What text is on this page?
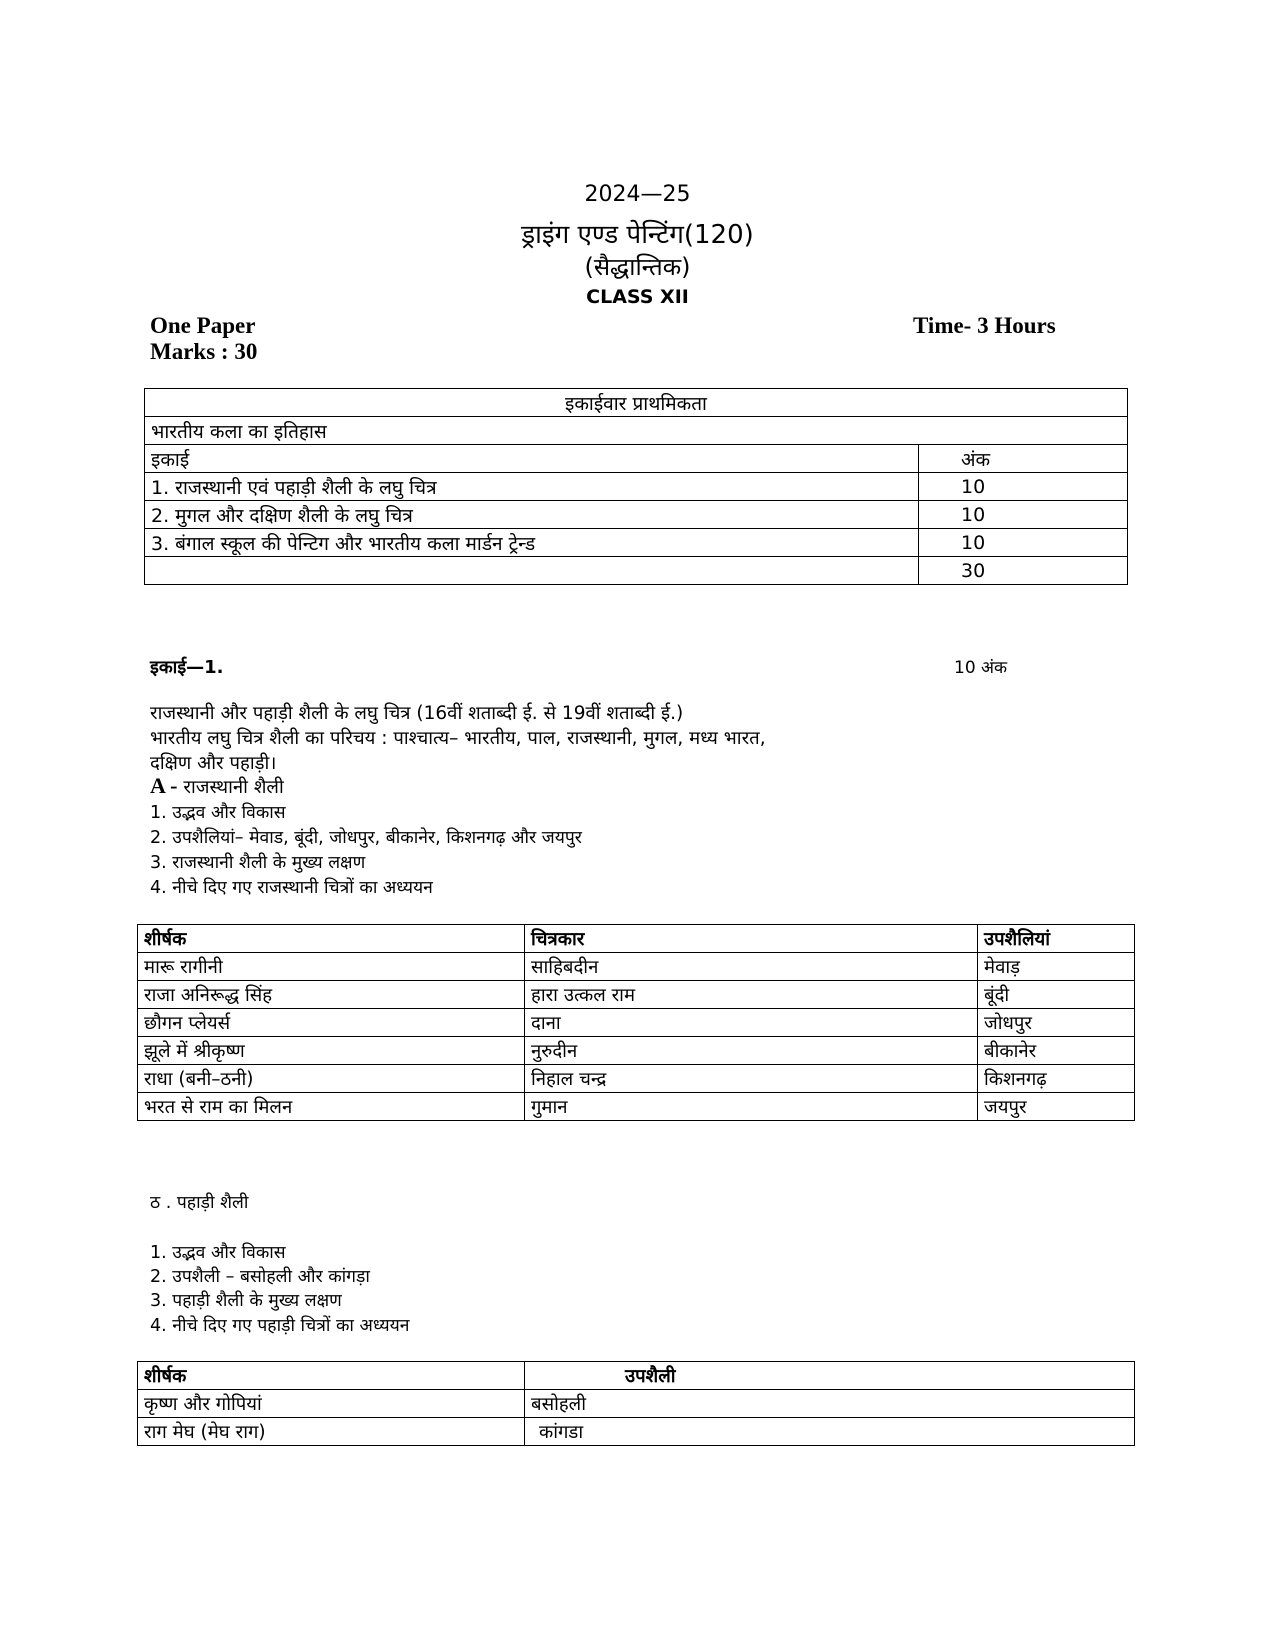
2024—25
ड्राइंग एण्ड पेन्टिंग(120)
(सैद्धान्तिक)
CLASS XII
One Paper
Marks : 30
Time- 3 Hours
इकाईवार प्राथमिकता	
भारतीय कला का इतिहास	
इकाई	अंक
1. राजस्थानी एवं पहाड़ी शैली के लघु चित्र	10
2. मुगल और दक्षिण शैली के लघु चित्र	10
3. बंगाल स्कूल की पेन्टिग और भारतीय कला मार्डन ट्रेन्ड	10
	30
इकाई—1.	10 अंक
राजस्थानी और पहाड़ी शैली के लघु चित्र (16वीं शताब्दी ई. से 19वीं शताब्दी ई.)
भारतीय लघु चित्र शैली का परिचय : पाश्चात्य– भारतीय, पाल, राजस्थानी, मुगल, मध्य भारत,
दक्षिण और पहाड़ी।
A - राजस्थानी शैली
1. उद्भव और विकास
2. उपशैलियां– मेवाड, बूंदी, जोधपुर, बीकानेर, किशनगढ़ और जयपुर
3. राजस्थानी शैली के मुख्य लक्षण
4. नीचे दिए गए राजस्थानी चित्रों का अध्ययन
शीर्षक	चित्रकार	उपशैलियां
मारू रागीनी	साहिबदीन	मेवाड़
राजा अनिरूद्ध सिंह	हारा उत्कल राम	बूंदी
छौगन प्लेयर्स	दाना	जोधपुर
झूले में श्रीकृष्ण	नुरुदीन	बीकानेर
राधा (बनी–ठनी)	निहाल चन्द्र	किशनगढ़
भरत से राम का मिलन	गुमान	जयपुर
ठ . पहाड़ी शैली
1. उद्भव और विकास
2. उपशैली – बसोहली और कांगड़ा
3. पहाड़ी शैली के मुख्य लक्षण
4. नीचे दिए गए पहाड़ी चित्रों का अध्ययन
शीर्षक	उपशैली
कृष्ण और गोपियां	बसोहली
राग मेघ (मेघ राग)	कांगडा
